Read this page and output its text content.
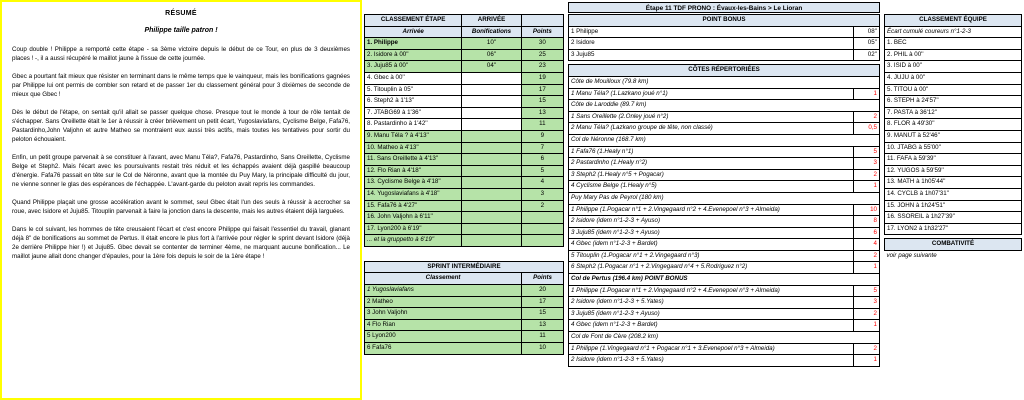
RÉSUMÉ
Philippe taille patron !

Coup double ! Philippe a remporté cette étape - sa 3ème victoire depuis le début de ce Tour, en plus de 3 deuxièmes places ! -, il a aussi récupéré le maillot jaune à l'issue de cette journée.

Gbec a pourtant fait mieux que résister en terminant dans le même temps que le vainqueur, mais les bonifications gagnées par Philippe lui ont permis de combler son retard et de passer 1er du classement général pour 3 dixièmes de seconde de mieux que Gbec !

Dès le début de l'étape, on sentait qu'il allait se passer quelque chose. Presque tout le monde à tour de rôle tentait de s'échapper. Sans Oreillette était le 1er à réussir à créer brièvement un petit écart, Yugoslaviafans, Cyclisme Belge, Fafa76, Pastardinho,John Valjohn et autre Matheo se montraient eux aussi très actifs, mais toutes les tentatives pour sortir du peloton échouaient.

Enfin, un petit groupe parvenait à se constituer à l'avant, avec Manu Téla?, Fafa76, Pastardinho, Sans Oreillette, Cyclisme Belge et Steph2. Mais l'écart avec les poursuivants restait très réduit et les échappés avaient déjà gaspillé beaucoup d'énergie. Fafa76 passait en tête sur le Col de Néronne, avant que la montée du Puy Mary, la principale difficulté du jour, ne vienne sonner le glas des espérances de l'échappée. L'avant-garde du peloton avait repris les commandes.

Quand Philippe plaçait une grosse accélération avant le sommet, seul Gbec était l'un des seuls à réussir à accrocher sa roue, avec Isidore et Juju85. Titouplin parvenait à faire la jonction dans la descente, mais les autres étaient déjà larguées.

Dans le col suivant, les hommes de tête creusaient l'écart et c'est encore Philippe qui faisait l'essentiel du travail, glanant déjà 8'' de bonifications au sommet de Pertus. Il était encore le plus fort à l'arrivée pour régler le sprint devant Isidore (déjà 2e derrière Philippe hier !) et Juju85. Gbec devait se contenter de terminer 4ème, ne marquant aucune bonification... Le maillot jaune allait donc changer d'épaules, pour la 1ère fois depuis le soir de la 1ère étape !

Étape 11 TDF PRONO : Évaux-les-Bains > Le Lioran
CLASSEMENT ÉTAPE	ARRIVÉE	
Arrivée	Bonifications	Points
1. Philippe	10''	30
2. Isidore à 00''	06''	25
3. Juju85 à 00''	04''	23
4. Gbec à 00''		19
5. Titouplin à 05''		17
6. Steph2 à 1'13''		15
7. JTABG69 à 1'36''		13
8. Pastardinho à 1'42''		11
9. Manu Téla ? à 4'13''		9
10. Matheo à 4'13''		7
11. Sans Oreillette à 4'13''		6
12. Flo Rian à 4'18''		5
13. Cyclisme Belge à 4'18''		4
14. Yugoslaviafans à 4'18''		3
15. Fafa76 à 4'27''		2
16. John Valjohn à 6'11''		
17. Lyon200 à 6'19''		
... et la gruppetto à 6'19''		
SPRINT INTERMÉDIAIRE	
Classement	Points
1 Yugoslaviafans	20
2 Matheo	17
3 John Valjohn	15
4 Flo Rian	13
5 Lyon200	11
6 Fafa76	10
POINT BONUS	
1 Philippe	08''
2 Isidore	05''
3 Juju85	02''
CÔTES RÉPERTORIÉES	
Côte de Mouilloux (79.8 km)	
1 Manu Téla? (1.Lazkano joué n°1)	1
Côte de Laroddie (89.7 km)	
1 Sans Oreillette (2.Onley joué n°2)	2
2 Manu Téla? (Lazkano groupe de tête, non classé)	0,5
Col de Néronne (168.7 km)	
1 Fafa76 (1.Healy n°1)	5
2 Pastardinho (1.Healy n°2)	3
3 Steph2 (1.Healy n°5 + Pogacar)	2
4 Cyclisme Belge (1.Healy n°5)	1
Puy Mary Pas de Peyrol (180 km)	
1 Philippe (1.Pogacar n°1 + 2.Vingegaard n°2 + 4.Evenepoel n°3 + Almeida)	10
2 Isidore (idem n°1-2-3 + Ayuso)	8
3 Juju85 (idem n°1-2-3 + Ayuso)	6
4 Gbec (idem n°1-2-3 + Bardet)	4
5 Titouplin (1.Pogacar n°1 + 2.Vingegaard n°3)	2
6 Steph2 (1.Pogacar n°1 + 2.Vingegaard n°4 + 5.Rodriguez n°2)	1
Col de Pertus (196.4 km) POINT BONUS	
1 Philippe (1.Pogacar n°1 + 2.Vingegaard n°2 + 4.Evenepoel n°3 + Almeida)	5
2 Isidore (idem n°1-2-3 + 5.Yates)	3
3 Juju85 (idem n°1-2-3 + Ayuso)	2
4 Gbec (idem n°1-2-3 + Bardet)	1
Col de Font de Cère (208.2 km)	
1 Philippe (1.Vingegaard n°1 + Pogacar n°1 + 3.Evenepoel n°3 + Almeida)	2
2 Isidore (idem n°1-2-3 + 5.Yates)	1
CLASSEMENT ÉQUIPE
Écart cumulé coureurs n°1-2-3
1. BEC
2. PHIL à 00''
3. ISID à 00''
4. JUJU à 00''
5. TITOU à 00''
6. STEPH à 24'57''
7. PASTA à 36'12''
8. FLOR à 49'30''
9. MANUT à 52'46''
10. JTABG à 55'00''
11. FAFA à 59'39''
12. YUGOS à 59'59''
13. MATH à 1h05'44''
14. CYCLB à 1h07'31''
15. JOHN à 1h24'51''
16. SSOREIL à 1h27'39''
17. LYON2 à 1h32'27''
COMBATIVITÉ
voir page suivante
